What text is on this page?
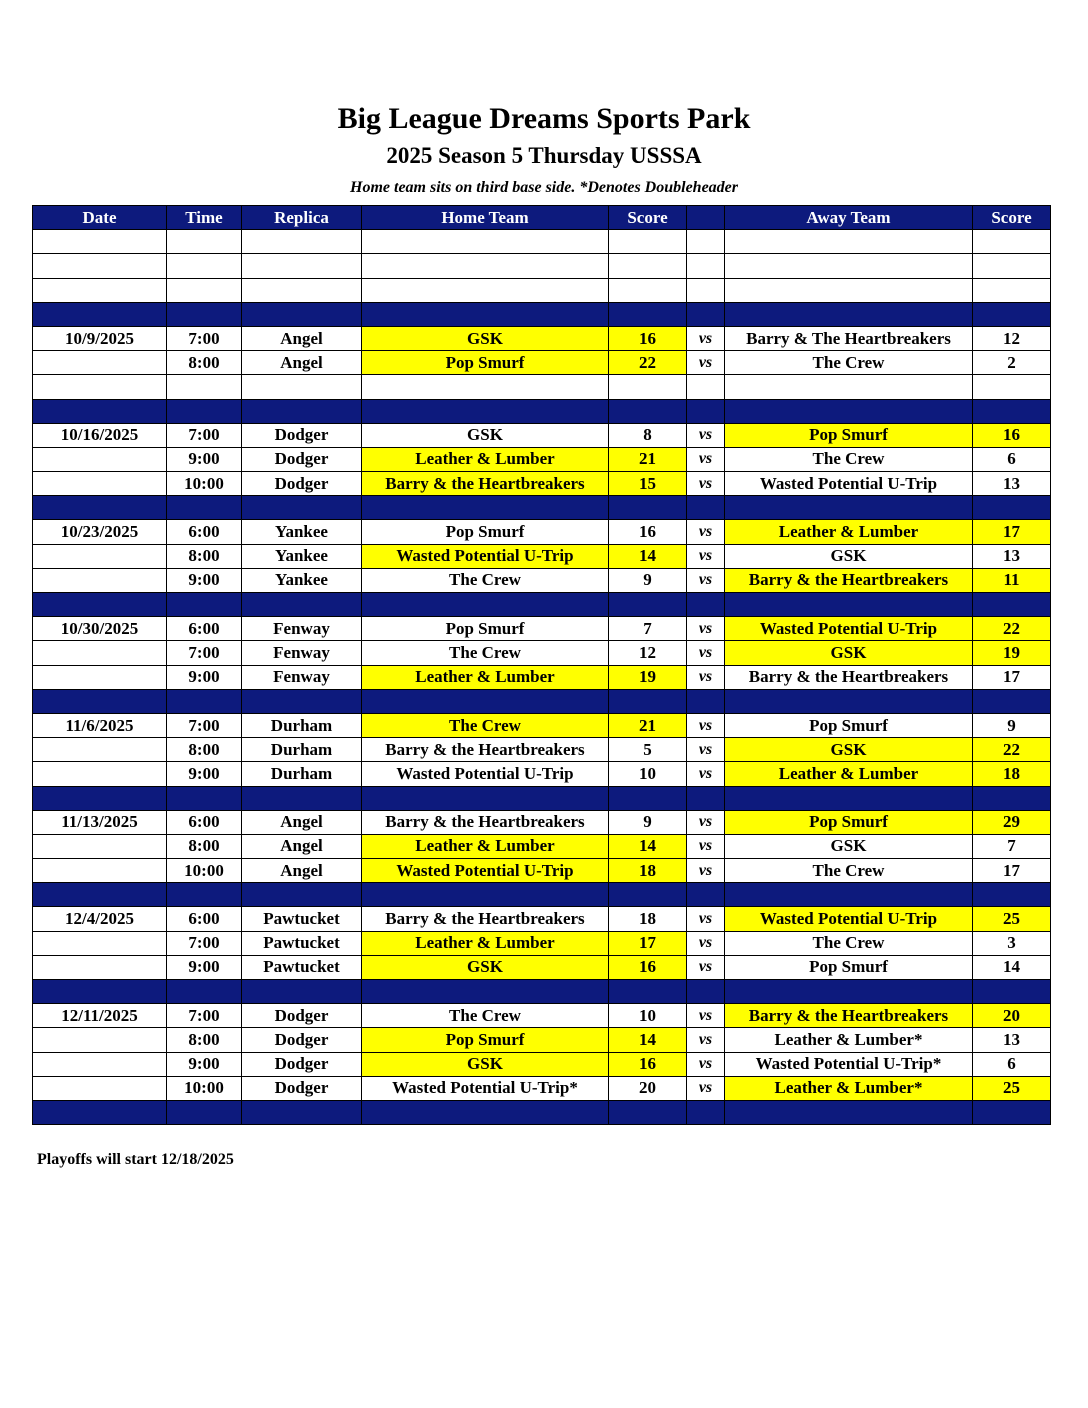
Big League Dreams Sports Park
2025 Season 5 Thursday USSSA
Home team sits on third base side. *Denotes Doubleheader
Date	Time	Replica	Home Team	Score		Away Team	Score

10/9/2025	7:00	Angel	GSK	16	vs	Barry & The Heartbreakers	12
	8:00	Angel	Pop Smurf	22	vs	The Crew	2

10/16/2025	7:00	Dodger	GSK	8	vs	Pop Smurf	16
	9:00	Dodger	Leather & Lumber	21	vs	The Crew	6
	10:00	Dodger	Barry & the Heartbreakers	15	vs	Wasted Potential U-Trip	13

10/23/2025	6:00	Yankee	Pop Smurf	16	vs	Leather & Lumber	17
	8:00	Yankee	Wasted Potential U-Trip	14	vs	GSK	13
	9:00	Yankee	The Crew	9	vs	Barry & the Heartbreakers	11

10/30/2025	6:00	Fenway	Pop Smurf	7	vs	Wasted Potential U-Trip	22
	7:00	Fenway	The Crew	12	vs	GSK	19
	9:00	Fenway	Leather & Lumber	19	vs	Barry & the Heartbreakers	17

11/6/2025	7:00	Durham	The Crew	21	vs	Pop Smurf	9
	8:00	Durham	Barry & the Heartbreakers	5	vs	GSK	22
	9:00	Durham	Wasted Potential U-Trip	10	vs	Leather & Lumber	18

11/13/2025	6:00	Angel	Barry & the Heartbreakers	9	vs	Pop Smurf	29
	8:00	Angel	Leather & Lumber	14	vs	GSK	7
	10:00	Angel	Wasted Potential U-Trip	18	vs	The Crew	17

12/4/2025	6:00	Pawtucket	Barry & the Heartbreakers	18	vs	Wasted Potential U-Trip	25
	7:00	Pawtucket	Leather & Lumber	17	vs	The Crew	3
	9:00	Pawtucket	GSK	16	vs	Pop Smurf	14

12/11/2025	7:00	Dodger	The Crew	10	vs	Barry & the Heartbreakers	20
	8:00	Dodger	Pop Smurf	14	vs	Leather & Lumber*	13
	9:00	Dodger	GSK	16	vs	Wasted Potential U-Trip*	6
	10:00	Dodger	Wasted Potential U-Trip*	20	vs	Leather & Lumber*	25

Playoffs will start 12/18/2025
